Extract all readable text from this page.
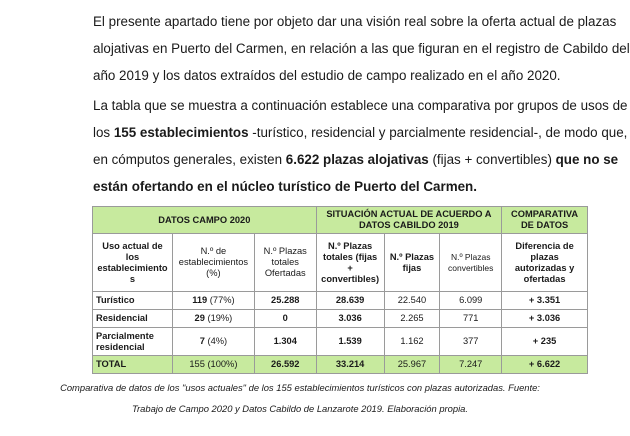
El presente apartado tiene por objeto dar una visión real sobre la oferta actual de plazas
alojativas en Puerto del Carmen, en relación a las que figuran en el registro de Cabildo del
año 2019 y los datos extraídos del estudio de campo realizado en el año 2020.
La tabla que se muestra a continuación establece una comparativa por grupos de usos de
los 155 establecimientos -turístico, residencial y parcialmente residencial-, de modo que,
en cómputos generales, existen 6.622 plazas alojativas (fijas + convertibles) que no se
están ofertando en el núcleo turístico de Puerto del Carmen.
DATOS CAMPO 2020			SITUACIÓN ACTUAL DE ACUERDO A DATOS CABILDO 2019			COMPARATIVA DE DATOS
Uso actual de los establecimiento s	N.º de establecimientos (%)	N.º Plazas totales Ofertadas	N.º Plazas totales (fijas + convertibles)	N.º Plazas fijas	N.º Plazas convertibles	Diferencia de plazas autorizadas y ofertadas
Turístico	119 (77%)	25.288	28.639	22.540	6.099	+ 3.351
Residencial	29 (19%)	0	3.036	2.265	771	+ 3.036
Parcialmente residencial	7 (4%)	1.304	1.539	1.162	377	+ 235
TOTAL	155 (100%)	26.592	33.214	25.967	7.247	+ 6.622
Comparativa de datos de los "usos actuales" de los 155 establecimientos turísticos con plazas autorizadas. Fuente:
Trabajo de Campo 2020 y Datos Cabildo de Lanzarote 2019. Elaboración propia.
